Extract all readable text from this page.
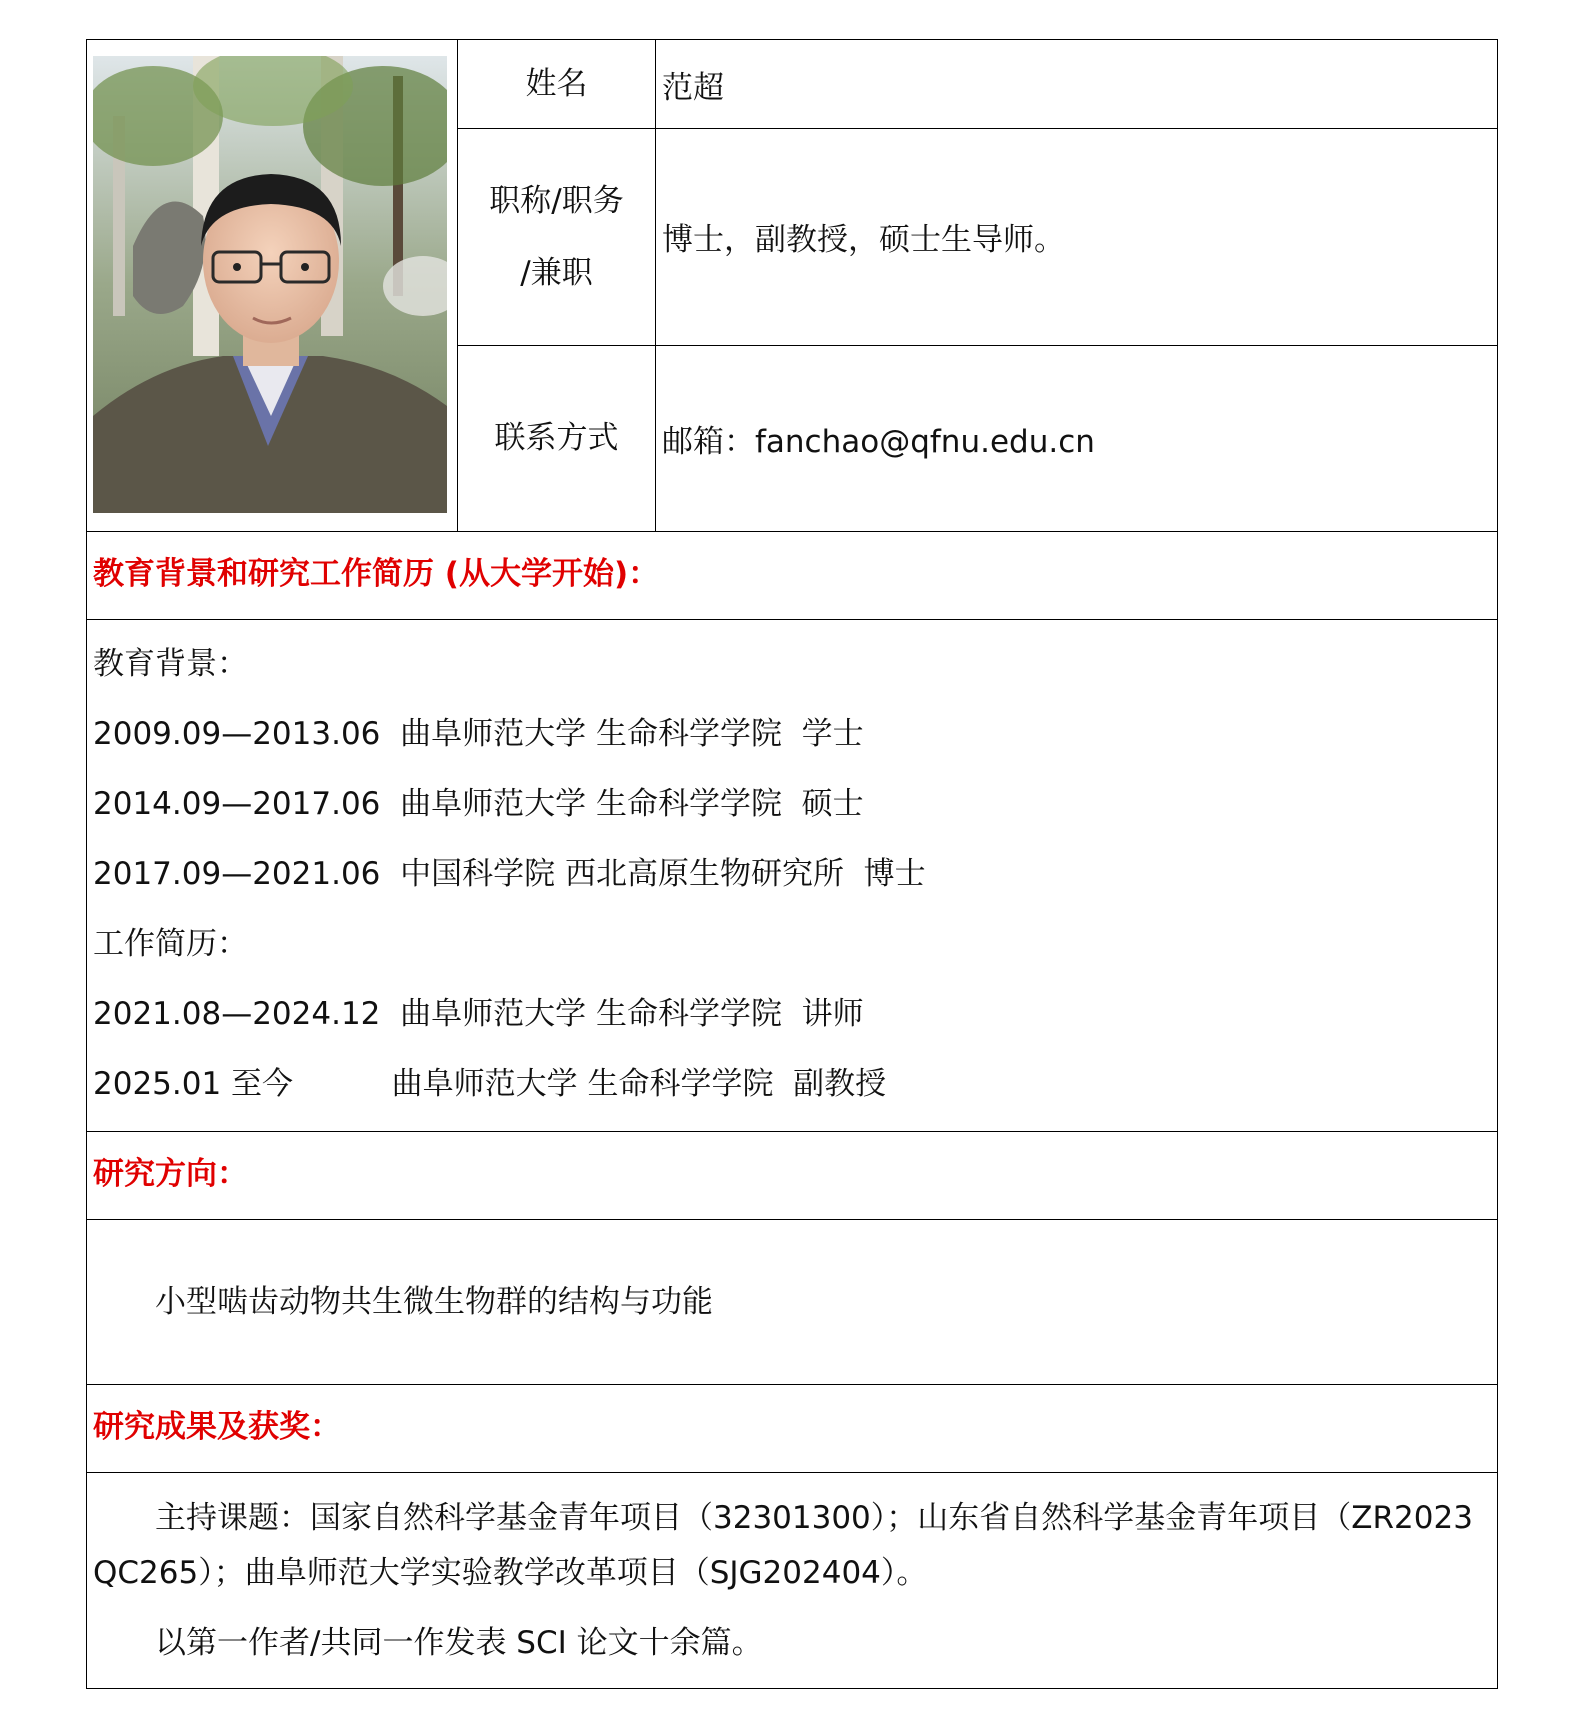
姓名 范超
职称/职务
/兼职
博士，副教授，硕士生导师。
联系方式 邮箱：fanchao@qfnu.edu.cn
教育背景和研究工作简历 (从大学开始)：
教育背景：
2009.09—2013.06  曲阜师范大学 生命科学学院  学士
2014.09—2017.06  曲阜师范大学 生命科学学院  硕士
2017.09—2021.06  中国科学院 西北高原生物研究所  博士
工作简历：
2021.08—2024.12  曲阜师范大学 生命科学学院  讲师
2025.01 至今          曲阜师范大学 生命科学学院  副教授
研究方向：
小型啮齿动物共生微生物群的结构与功能
研究成果及获奖：
主持课题：国家自然科学基金青年项目（32301300）；山东省自然科学基金青年项目（ZR2023QC265）；曲阜师范大学实验教学改革项目（SJG202404）。
以第一作者/共同一作发表 SCI 论文十余篇。
